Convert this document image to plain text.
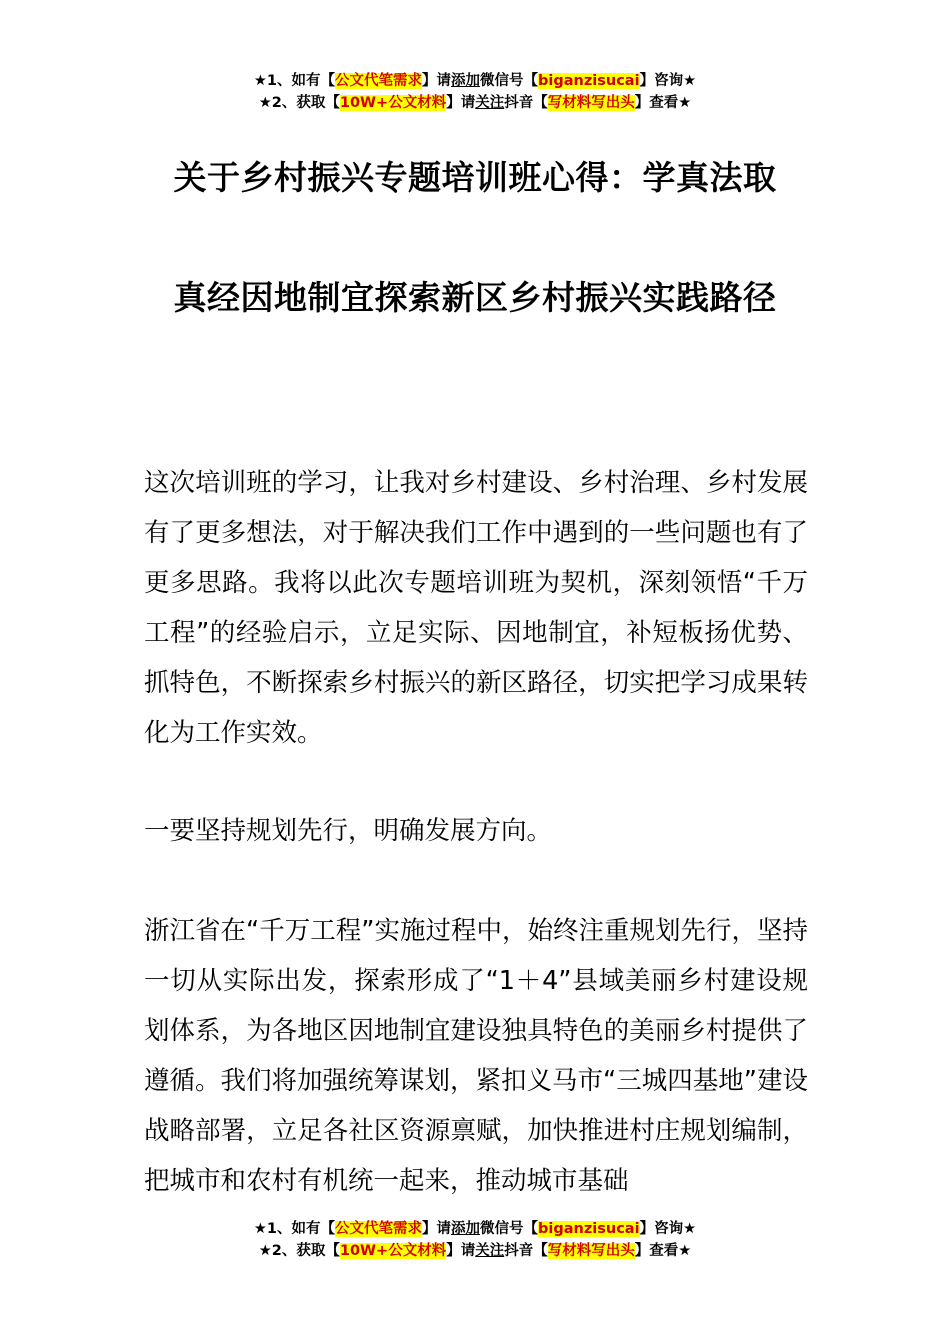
★1、如有【公文代笔需求】请添加微信号【biganzisucai】咨询★
★2、获取【10W+公文材料】请关注抖音【写材料写出头】查看★
关于乡村振兴专题培训班心得：学真法取
真经因地制宜探索新区乡村振兴实践路径

这次培训班的学习，让我对乡村建设、乡村治理、乡村发展有了更多想法，对于解决我们工作中遇到的一些问题也有了更多思路。我将以此次专题培训班为契机，深刻领悟“千万工程”的经验启示，立足实际、因地制宜，补短板扬优势、抓特色，不断探索乡村振兴的新区路径，切实把学习成果转化为工作实效。

一要坚持规划先行，明确发展方向。

浙江省在“千万工程”实施过程中，始终注重规划先行，坚持一切从实际出发，探索形成了“1＋4”县域美丽乡村建设规划体系，为各地区因地制宜建设独具特色的美丽乡村提供了遵循。我们将加强统筹谋划，紧扣义马市“三城四基地”建设战略部署，立足各社区资源禀赋，加快推进村庄规划编制，把城市和农村有机统一起来，推动城市基础

★1、如有【公文代笔需求】请添加微信号【biganzisucai】咨询★
★2、获取【10W+公文材料】请关注抖音【写材料写出头】查看★
